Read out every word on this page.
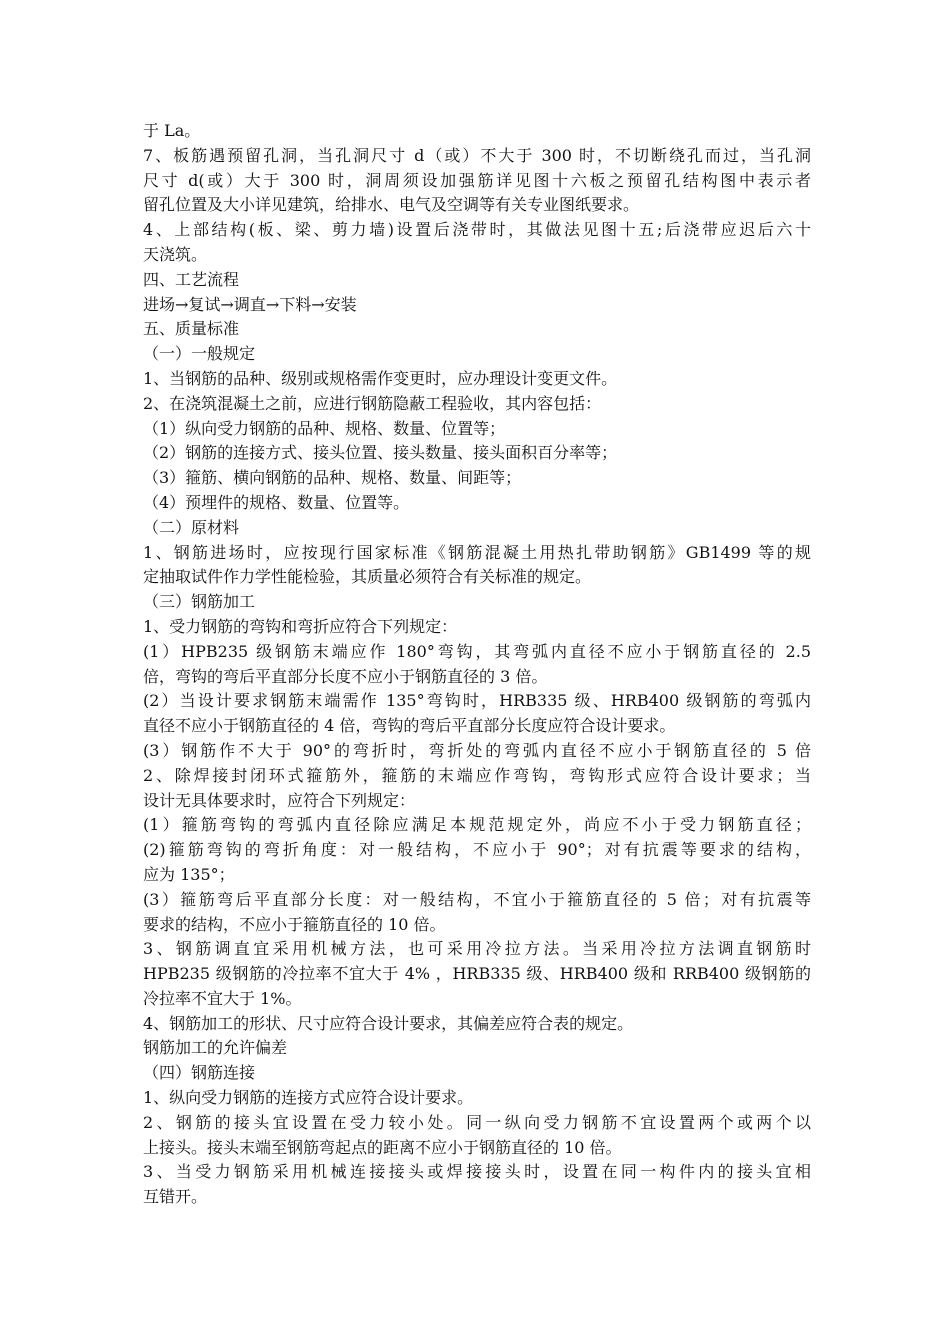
于 La。
7、板筋遇预留孔洞，当孔洞尺寸 d（或）不大于 300 时，不切断绕孔而过，当孔洞
尺寸 d(或）大于 300 时，洞周须设加强筋详见图十六板之预留孔结构图中表示者
留孔位置及大小详见建筑，给排水、电气及空调等有关专业图纸要求。
4、上部结构(板、梁、剪力墙)设置后浇带时，其做法见图十五;后浇带应迟后六十
天浇筑。
四、工艺流程
进场→复试→调直→下料→安装
五、质量标准
（一）一般规定
1、当钢筋的品种、级别或规格需作变更时，应办理设计变更文件。
2、在浇筑混凝土之前，应进行钢筋隐蔽工程验收，其内容包括：
（1）纵向受力钢筋的品种、规格、数量、位置等；
（2）钢筋的连接方式、接头位置、接头数量、接头面积百分率等；
（3）箍筋、横向钢筋的品种、规格、数量、间距等；
（4）预埋件的规格、数量、位置等。
（二）原材料
1、钢筋进场时，应按现行国家标准《钢筋混凝土用热扎带助钢筋》GB1499 等的规
定抽取试件作力学性能检验，其质量必须符合有关标准的规定。
（三）钢筋加工
1、受力钢筋的弯钩和弯折应符合下列规定：
(1）HPB235 级钢筋末端应作 180°弯钩，其弯弧内直径不应小于钢筋直径的 2.5
倍，弯钩的弯后平直部分长度不应小于钢筋直径的 3 倍。
(2）当设计要求钢筋末端需作 135°弯钩时，HRB335 级、HRB400 级钢筋的弯弧内
直径不应小于钢筋直径的 4 倍，弯钩的弯后平直部分长度应符合设计要求。
(3）钢筋作不大于 90°的弯折时，弯折处的弯弧内直径不应小于钢筋直径的 5 倍
2、除焊接封闭环式箍筋外，箍筋的末端应作弯钩，弯钩形式应符合设计要求；当
设计无具体要求时，应符合下列规定：
(1）箍筋弯钩的弯弧内直径除应满足本规范规定外，尚应不小于受力钢筋直径；
(2)箍筋弯钩的弯折角度：对一般结构，不应小于 90°；对有抗震等要求的结构，
应为 135°；
(3）箍筋弯后平直部分长度：对一般结构，不宜小于箍筋直径的 5 倍；对有抗震等
要求的结构，不应小于箍筋直径的 10 倍。
3、钢筋调直宜采用机械方法，也可采用冷拉方法。当采用冷拉方法调直钢筋时
HPB235 级钢筋的冷拉率不宜大于 4% ，HRB335 级、HRB400 级和 RRB400 级钢筋的
冷拉率不宜大于 1%。
4、钢筋加工的形状、尺寸应符合设计要求，其偏差应符合表的规定。
钢筋加工的允许偏差
（四）钢筋连接
1、纵向受力钢筋的连接方式应符合设计要求。
2、钢筋的接头宜设置在受力较小处。同一纵向受力钢筋不宜设置两个或两个以
上接头。接头末端至钢筋弯起点的距离不应小于钢筋直径的 10 倍。
3、当受力钢筋采用机械连接接头或焊接接头时，设置在同一构件内的接头宜相
互错开。
